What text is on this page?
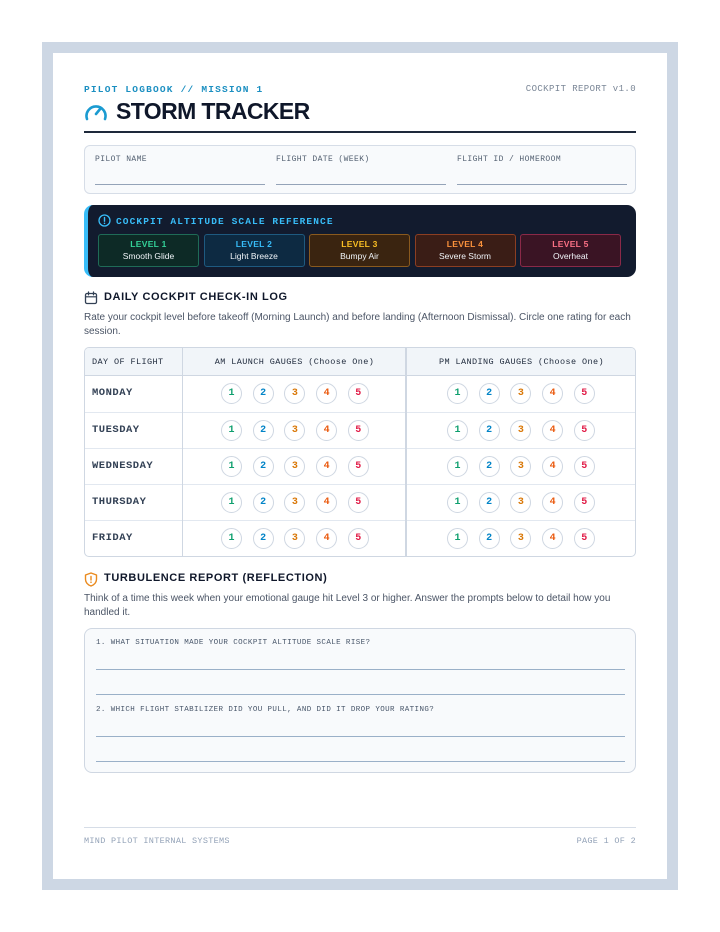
PILOT LOGBOOK // MISSION 1	COCKPIT REPORT v1.0
STORM TRACKER
PILOT NAME	FLIGHT DATE (WEEK)	FLIGHT ID / HOMEROOM
COCKPIT ALTITUDE SCALE REFERENCE
LEVEL 1
Smooth Glide
LEVEL 2
Light Breeze
LEVEL 3
Bumpy Air
LEVEL 4
Severe Storm
LEVEL 5
Overheat
DAILY COCKPIT CHECK-IN LOG
Rate your cockpit level before takeoff (Morning Launch) and before landing (Afternoon Dismissal). Circle one rating for each session.
DAY OF FLIGHT	AM LAUNCH GAUGES (Choose One)	PM LANDING GAUGES (Choose One)
MONDAY	1	2	3	4	5	1	2	3	4	5
TUESDAY	1	2	3	4	5	1	2	3	4	5
WEDNESDAY	1	2	3	4	5	1	2	3	4	5
THURSDAY	1	2	3	4	5	1	2	3	4	5
FRIDAY	1	2	3	4	5	1	2	3	4	5
TURBULENCE REPORT (REFLECTION)
Think of a time this week when your emotional gauge hit Level 3 or higher. Answer the prompts below to detail how you handled it.
1. WHAT SITUATION MADE YOUR COCKPIT ALTITUDE SCALE RISE?
2. WHICH FLIGHT STABILIZER DID YOU PULL, AND DID IT DROP YOUR RATING?
MIND PILOT INTERNAL SYSTEMS	PAGE 1 OF 2
